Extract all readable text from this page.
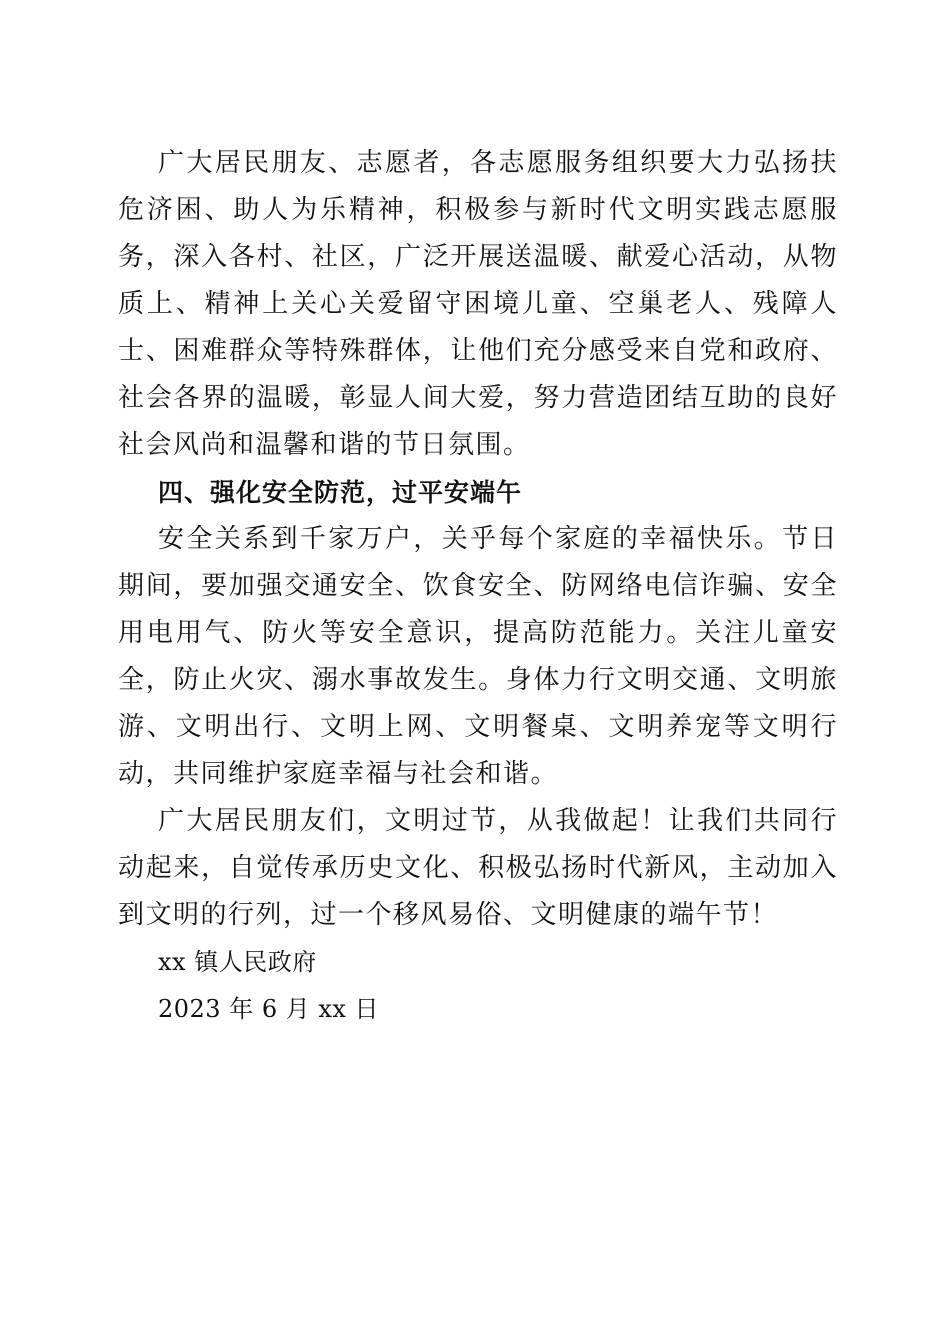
广大居民朋友、志愿者，各志愿服务组织要大力弘扬扶危济困、助人为乐精神，积极参与新时代文明实践志愿服务，深入各村、社区，广泛开展送温暖、献爱心活动，从物质上、精神上关心关爱留守困境儿童、空巢老人、残障人士、困难群众等特殊群体，让他们充分感受来自党和政府、社会各界的温暖，彰显人间大爱，努力营造团结互助的良好社会风尚和温馨和谐的节日氛围。

四、强化安全防范，过平安端午

安全关系到千家万户，关乎每个家庭的幸福快乐。节日期间，要加强交通安全、饮食安全、防网络电信诈骗、安全用电用气、防火等安全意识，提高防范能力。关注儿童安全，防止火灾、溺水事故发生。身体力行文明交通、文明旅游、文明出行、文明上网、文明餐桌、文明养宠等文明行动，共同维护家庭幸福与社会和谐。

广大居民朋友们，文明过节，从我做起！让我们共同行动起来，自觉传承历史文化、积极弘扬时代新风，主动加入到文明的行列，过一个移风易俗、文明健康的端午节！

xx 镇人民政府

2023 年 6 月 xx 日
